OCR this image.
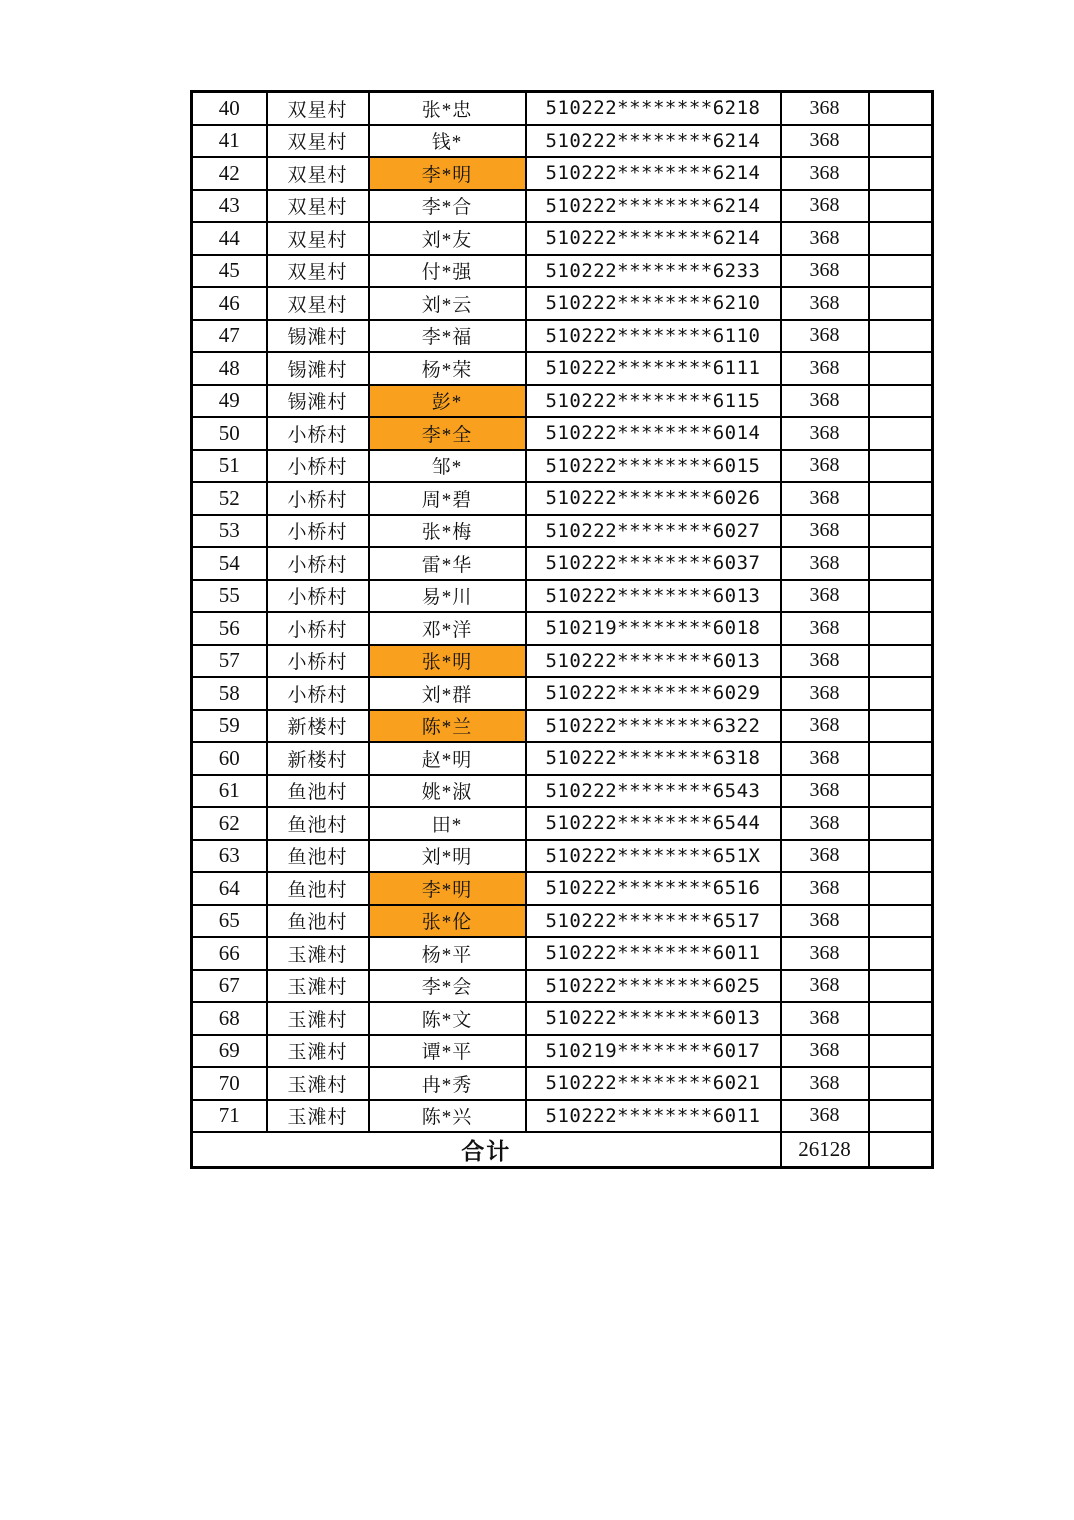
40	双星村	张*忠	510222********6218	368	
41	双星村	钱*	510222********6214	368	
42	双星村	李*明	510222********6214	368	
43	双星村	李*合	510222********6214	368	
44	双星村	刘*友	510222********6214	368	
45	双星村	付*强	510222********6233	368	
46	双星村	刘*云	510222********6210	368	
47	锡滩村	李*福	510222********6110	368	
48	锡滩村	杨*荣	510222********6111	368	
49	锡滩村	彭*	510222********6115	368	
50	小桥村	李*全	510222********6014	368	
51	小桥村	邹*	510222********6015	368	
52	小桥村	周*碧	510222********6026	368	
53	小桥村	张*梅	510222********6027	368	
54	小桥村	雷*华	510222********6037	368	
55	小桥村	易*川	510222********6013	368	
56	小桥村	邓*洋	510219********6018	368	
57	小桥村	张*明	510222********6013	368	
58	小桥村	刘*群	510222********6029	368	
59	新楼村	陈*兰	510222********6322	368	
60	新楼村	赵*明	510222********6318	368	
61	鱼池村	姚*淑	510222********6543	368	
62	鱼池村	田*	510222********6544	368	
63	鱼池村	刘*明	510222********651X	368	
64	鱼池村	李*明	510222********6516	368	
65	鱼池村	张*伦	510222********6517	368	
66	玉滩村	杨*平	510222********6011	368	
67	玉滩村	李*会	510222********6025	368	
68	玉滩村	陈*文	510222********6013	368	
69	玉滩村	谭*平	510219********6017	368	
70	玉滩村	冉*秀	510222********6021	368	
71	玉滩村	陈*兴	510222********6011	368	
合计				26128	
